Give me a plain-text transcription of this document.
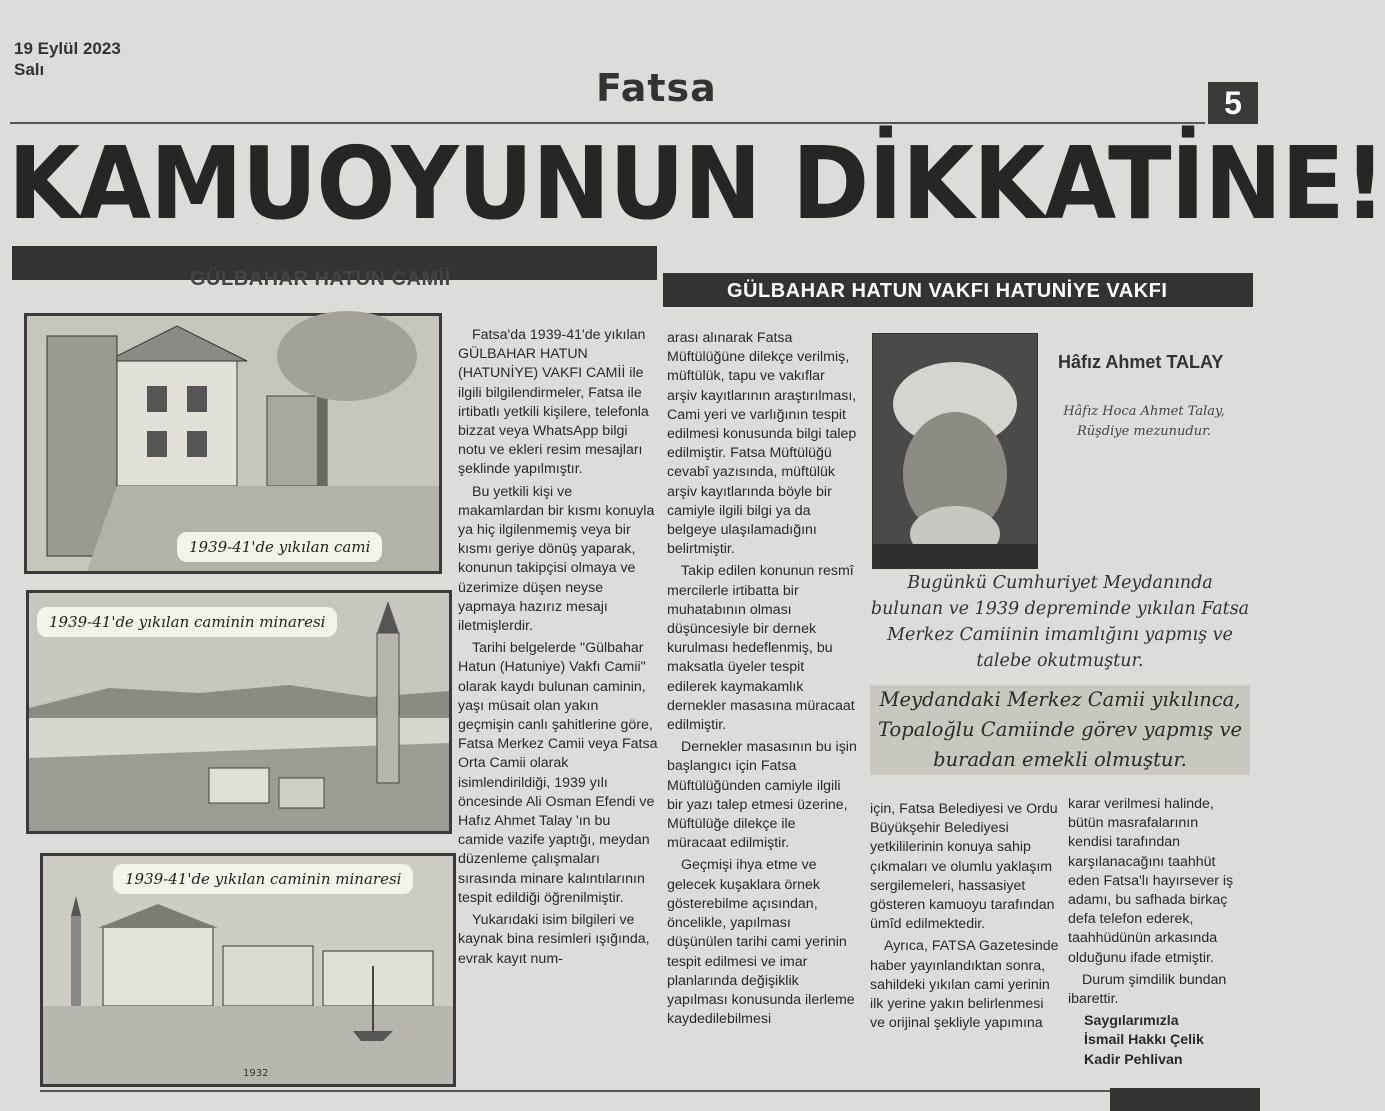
19 Eylül 2023
Salı	Fatsa	5
KAMUOYUNUN DİKKATİNE!
GÜLBAHAR HATUN CAMİİ
GÜLBAHAR HATUN VAKFI HATUNİYE VAKFI
1939-41'de yıkılan cami
1939-41'de yıkılan caminin minaresi
1932
1939-41'de yıkılan caminin minaresi

Fatsa'da 1939-41'de yıkılan GÜLBAHAR HATUN (HATUNİYE) VAKFI CAMİİ ile ilgili bilgilendirmeler, Fatsa ile irtibatlı yetkili kişilere, telefonla bizzat veya WhatsApp bilgi notu ve ekleri resim mesajları şeklinde yapılmıştır.

Bu yetkili kişi ve makamlardan bir kısmı konuyla ya hiç ilgilenmemiş veya bir kısmı geriye dönüş yaparak, konunun takipçisi olmaya ve üzerimize düşen neyse yapmaya hazırız mesajı iletmişlerdir.

Tarihi belgelerde "Gülbahar Hatun (Hatuniye) Vakfı Camii" olarak kaydı bulunan caminin, yaşı müsait olan yakın geçmişin canlı şahitlerine göre, Fatsa Merkez Camii veya Fatsa Orta Camii olarak isimlendirildiği, 1939 yılı öncesinde Ali Osman Efendi ve Hafız Ahmet Talay 'ın bu camide vazife yaptığı, meydan düzenleme çalışmaları sırasında minare kalıntılarının tespit edildiği öğrenilmiştir.

Yukarıdaki isim bilgileri ve kaynak bina resimleri ışığında, evrak kayıt num-

arası alınarak Fatsa Müftülüğüne dilekçe verilmiş, müftülük, tapu ve vakıflar arşiv kayıtlarının araştırılması, Cami yeri ve varlığının tespit edilmesi konusunda bilgi talep edilmiştir. Fatsa Müftülüğü cevabî yazısında, müftülük arşiv kayıtlarında böyle bir camiyle ilgili bilgi ya da belgeye ulaşılamadığını belirtmiştir.

Takip edilen konunun resmî mercilerle irtibatta bir muhatabının olması düşüncesiyle bir dernek kurulması hedeflenmiş, bu maksatla üyeler tespit edilerek kaymakamlık dernekler masasına müracaat edilmiştir.

Dernekler masasının bu işin başlangıcı için Fatsa Müftülüğünden camiyle ilgili bir yazı talep etmesi üzerine, Müftülüğe dilekçe ile müracaat edilmiştir.

Geçmişi ihya etme ve gelecek kuşaklara örnek gösterebilme açısından, öncelikle, yapılması düşünülen tarihi cami yerinin tespit edilmesi ve imar planlarında değişiklik yapılması konusunda ilerleme kaydedilebilmesi

Hâfız Ahmet TALAY
Hâfız Hoca Ahmet Talay, Rüşdiye mezunudur.
Bugünkü Cumhuriyet Meydanında bulunan ve 1939 depreminde yıkılan Fatsa Merkez Camiinin imamlığını yapmış ve talebe okutmuştur.
Meydandaki Merkez Camii yıkılınca, Topaloğlu Camiinde görev yapmış ve buradan emekli olmuştur.

için, Fatsa Belediyesi ve Ordu Büyükşehir Belediyesi yetkililerinin konuya sahip çıkmaları ve olumlu yaklaşım sergilemeleri, hassasiyet gösteren kamuoyu tarafından ümîd edilmektedir.

Ayrıca, FATSA Gazetesinde haber yayınlandıktan sonra, sahildeki yıkılan cami yerinin ilk yerine yakın belirlenmesi ve orijinal şekliyle yapımına

karar verilmesi halinde, bütün masrafalarının kendisi tarafından karşılanacağını taahhüt eden Fatsa'lı hayırsever iş adamı, bu safhada birkaç defa telefon ederek, taahhüdünün arkasında olduğunu ifade etmiştir.

Durum şimdilik bundan ibarettir.

Saygılarımızla

İsmail Hakkı Çelik

Kadir Pehlivan
